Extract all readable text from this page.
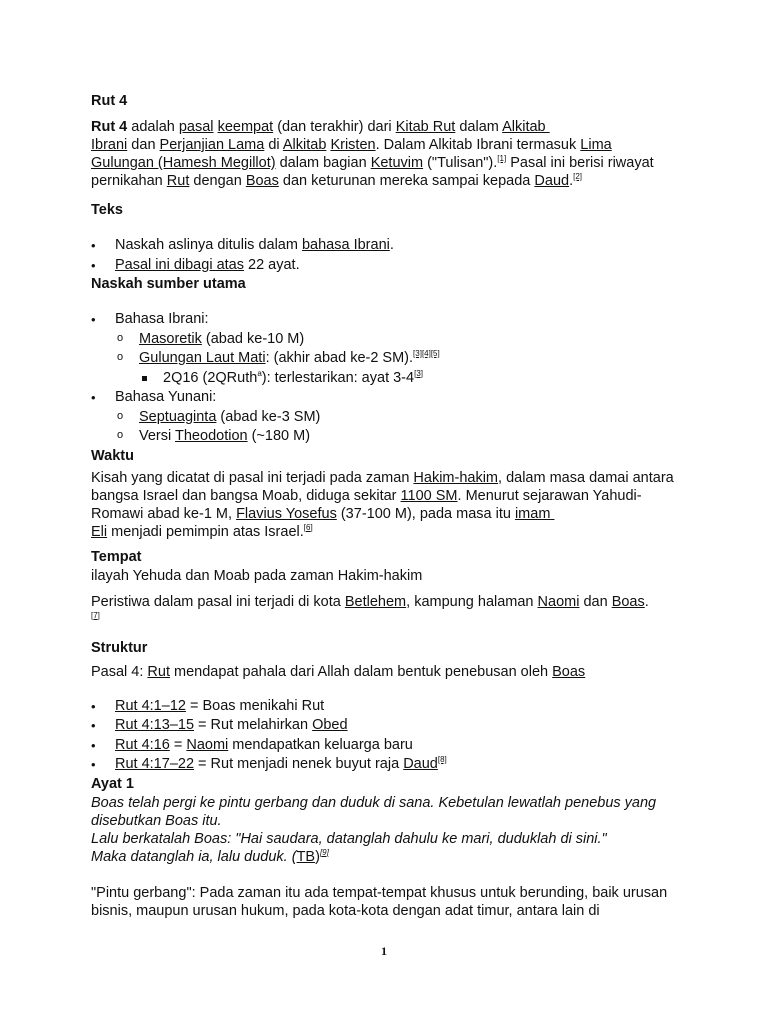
Rut 4

Rut 4 adalah pasal keempat (dan terakhir) dari Kitab Rut dalam Alkitab
Ibrani dan Perjanjian Lama di Alkitab Kristen. Dalam Alkitab Ibrani termasuk Lima
Gulungan (Hamesh Megillot) dalam bagian Ketuvim ("Tulisan").[1] Pasal ini berisi riwayat pernikahan Rut dengan Boas dan keturunan mereka sampai kepada Daud.[2]

Teks
• Naskah aslinya ditulis dalam bahasa Ibrani.
• Pasal ini dibagi atas 22 ayat.
Naskah sumber utama
• Bahasa Ibrani:
o Masoretik (abad ke-10 M)
o Gulungan Laut Mati: (akhir abad ke-2 SM).[3][4][5]
2Q16 (2QRuth$^a$): terlestarikan: ayat 3-4[3]
• Bahasa Yunani:
o Septuaginta (abad ke-3 SM)
o Versi Theodotion (~180 M)
Waktu

Kisah yang dicatat di pasal ini terjadi pada zaman Hakim-hakim, dalam masa damai antara bangsa Israel dan bangsa Moab, diduga sekitar 1100 SM. Menurut sejarawan Yahudi-Romawi abad ke-1 M, Flavius Yosefus (37-100 M), pada masa itu imam
Eli menjadi pemimpin atas Israel.[6]

Tempat

ilayah Yehuda dan Moab pada zaman Hakim-hakim

Peristiwa dalam pasal ini terjadi di kota Betlehem, kampung halaman Naomi dan Boas.
[7]

Struktur

Pasal 4: Rut mendapat pahala dari Allah dalam bentuk penebusan oleh Boas

• Rut 4:1–12 = Boas menikahi Rut
• Rut 4:13–15 = Rut melahirkan Obed
• Rut 4:16 = Naomi mendapatkan keluarga baru
• Rut 4:17–22 = Rut menjadi nenek buyut raja Daud[8]
Ayat 1

Boas telah pergi ke pintu gerbang dan duduk di sana. Kebetulan lewatlah penebus yang disebutkan Boas itu.

Lalu berkatalah Boas: "Hai saudara, datanglah dahulu ke mari, duduklah di sini."

Maka datanglah ia, lalu duduk. (TB)[9]

"Pintu gerbang": Pada zaman itu ada tempat-tempat khusus untuk berunding, baik urusan bisnis, maupun urusan hukum, pada kota-kota dengan adat timur, antara lain di

1
